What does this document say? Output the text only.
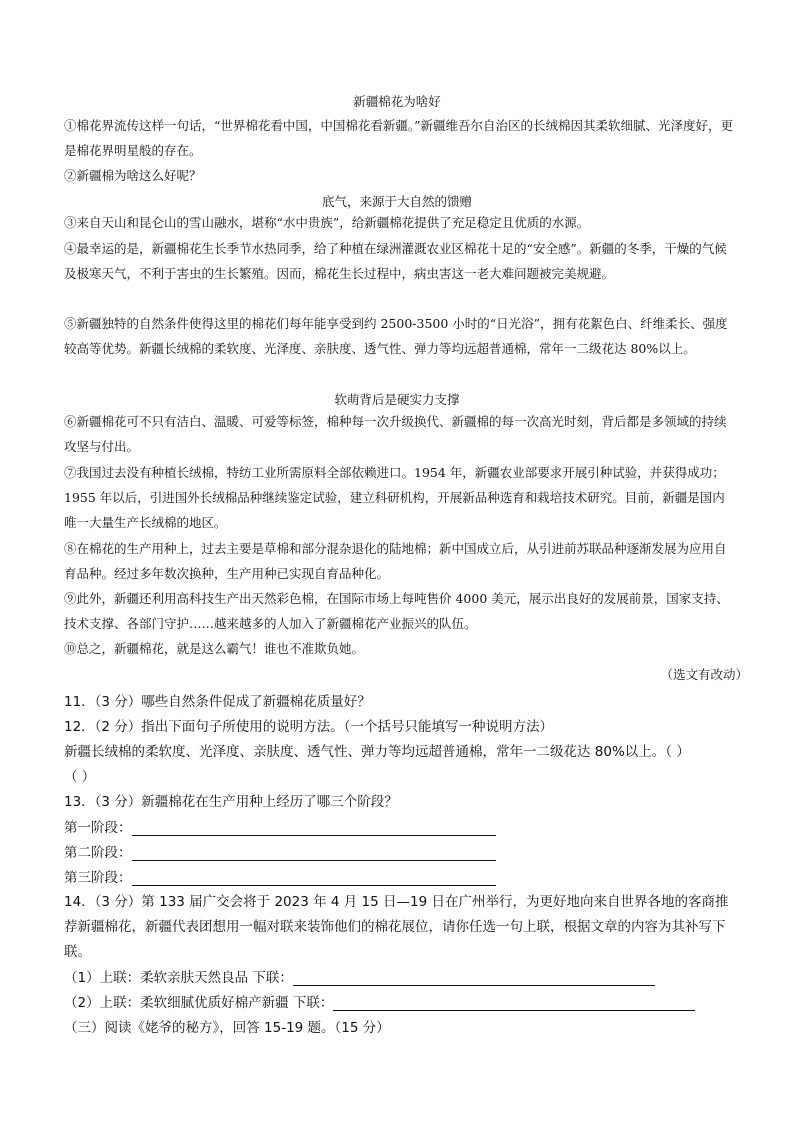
新疆棉花为啥好
①棉花界流传这样一句话，“世界棉花看中国，中国棉花看新疆。”新疆维吾尔自治区的长绒棉因其柔软细腻、光泽度好，更是棉花界明星般的存在。
②新疆棉为啥这么好呢？
底气，来源于大自然的馈赠
③来自天山和昆仑山的雪山融水，堪称“水中贵族”，给新疆棉花提供了充足稳定且优质的水源。
④最幸运的是，新疆棉花生长季节水热同季，给了种植在绿洲灌溉农业区棉花十足的“安全感”。新疆的冬季，干燥的气候及极寒天气，不利于害虫的生长繁殖。因而，棉花生长过程中，病虫害这一老大难问题被完美规避。
⑤新疆独特的自然条件使得这里的棉花们每年能享受到约 2500-3500 小时的“日光浴”，拥有花絮色白、纤维柔长、强度较高等优势。新疆长绒棉的柔软度、光泽度、亲肤度、透气性、弹力等均远超普通棉，常年一二级花达 80%以上。
软萌背后是硬实力支撑
⑥新疆棉花可不只有洁白、温暖、可爱等标签，棉种每一次升级换代、新疆棉的每一次高光时刻，背后都是多领域的持续攻坚与付出。
⑦我国过去没有种植长绒棉，特纺工业所需原料全部依赖进口。1954 年，新疆农业部要求开展引种试验，并获得成功；1955 年以后，引进国外长绒棉品种继续鉴定试验，建立科研机构，开展新品种选育和栽培技术研究。目前，新疆是国内唯一大量生产长绒棉的地区。
⑧在棉花的生产用种上，过去主要是草棉和部分混杂退化的陆地棉；新中国成立后，从引进前苏联品种逐渐发展为应用自育品种。经过多年数次换种，生产用种已实现自育品种化。
⑨此外，新疆还利用高科技生产出天然彩色棉，在国际市场上每吨售价 4000 美元，展示出良好的发展前景，国家支持、技术支撑、各部门守护……越来越多的人加入了新疆棉花产业振兴的队伍。
⑩总之，新疆棉花，就是这么霸气！谁也不准欺负她。
（选文有改动）
11．（3 分）哪些自然条件促成了新疆棉花质量好？
12．（2 分）指出下面句子所使用的说明方法。（一个括号只能填写一种说明方法）
新疆长绒棉的柔软度、光泽度、亲肤度、透气性、弹力等均远超普通棉，常年一二级花达 80%以上。（ ）
（ ）
13．（3 分）新疆棉花在生产用种上经历了哪三个阶段？
第一阶段：
第二阶段：
第三阶段：
14．（3 分）第 133 届广交会将于 2023 年 4 月 15 日—19 日在广州举行，为更好地向来自世界各地的客商推荐新疆棉花，新疆代表团想用一幅对联来装饰他们的棉花展位，请你任选一句上联，根据文章的内容为其补写下联。
（1）上联：柔软亲肤天然良品 下联：
（2）上联：柔软细腻优质好棉产新疆 下联：
（三）阅读《姥爷的秘方》，回答 15-19 题。（15 分）
